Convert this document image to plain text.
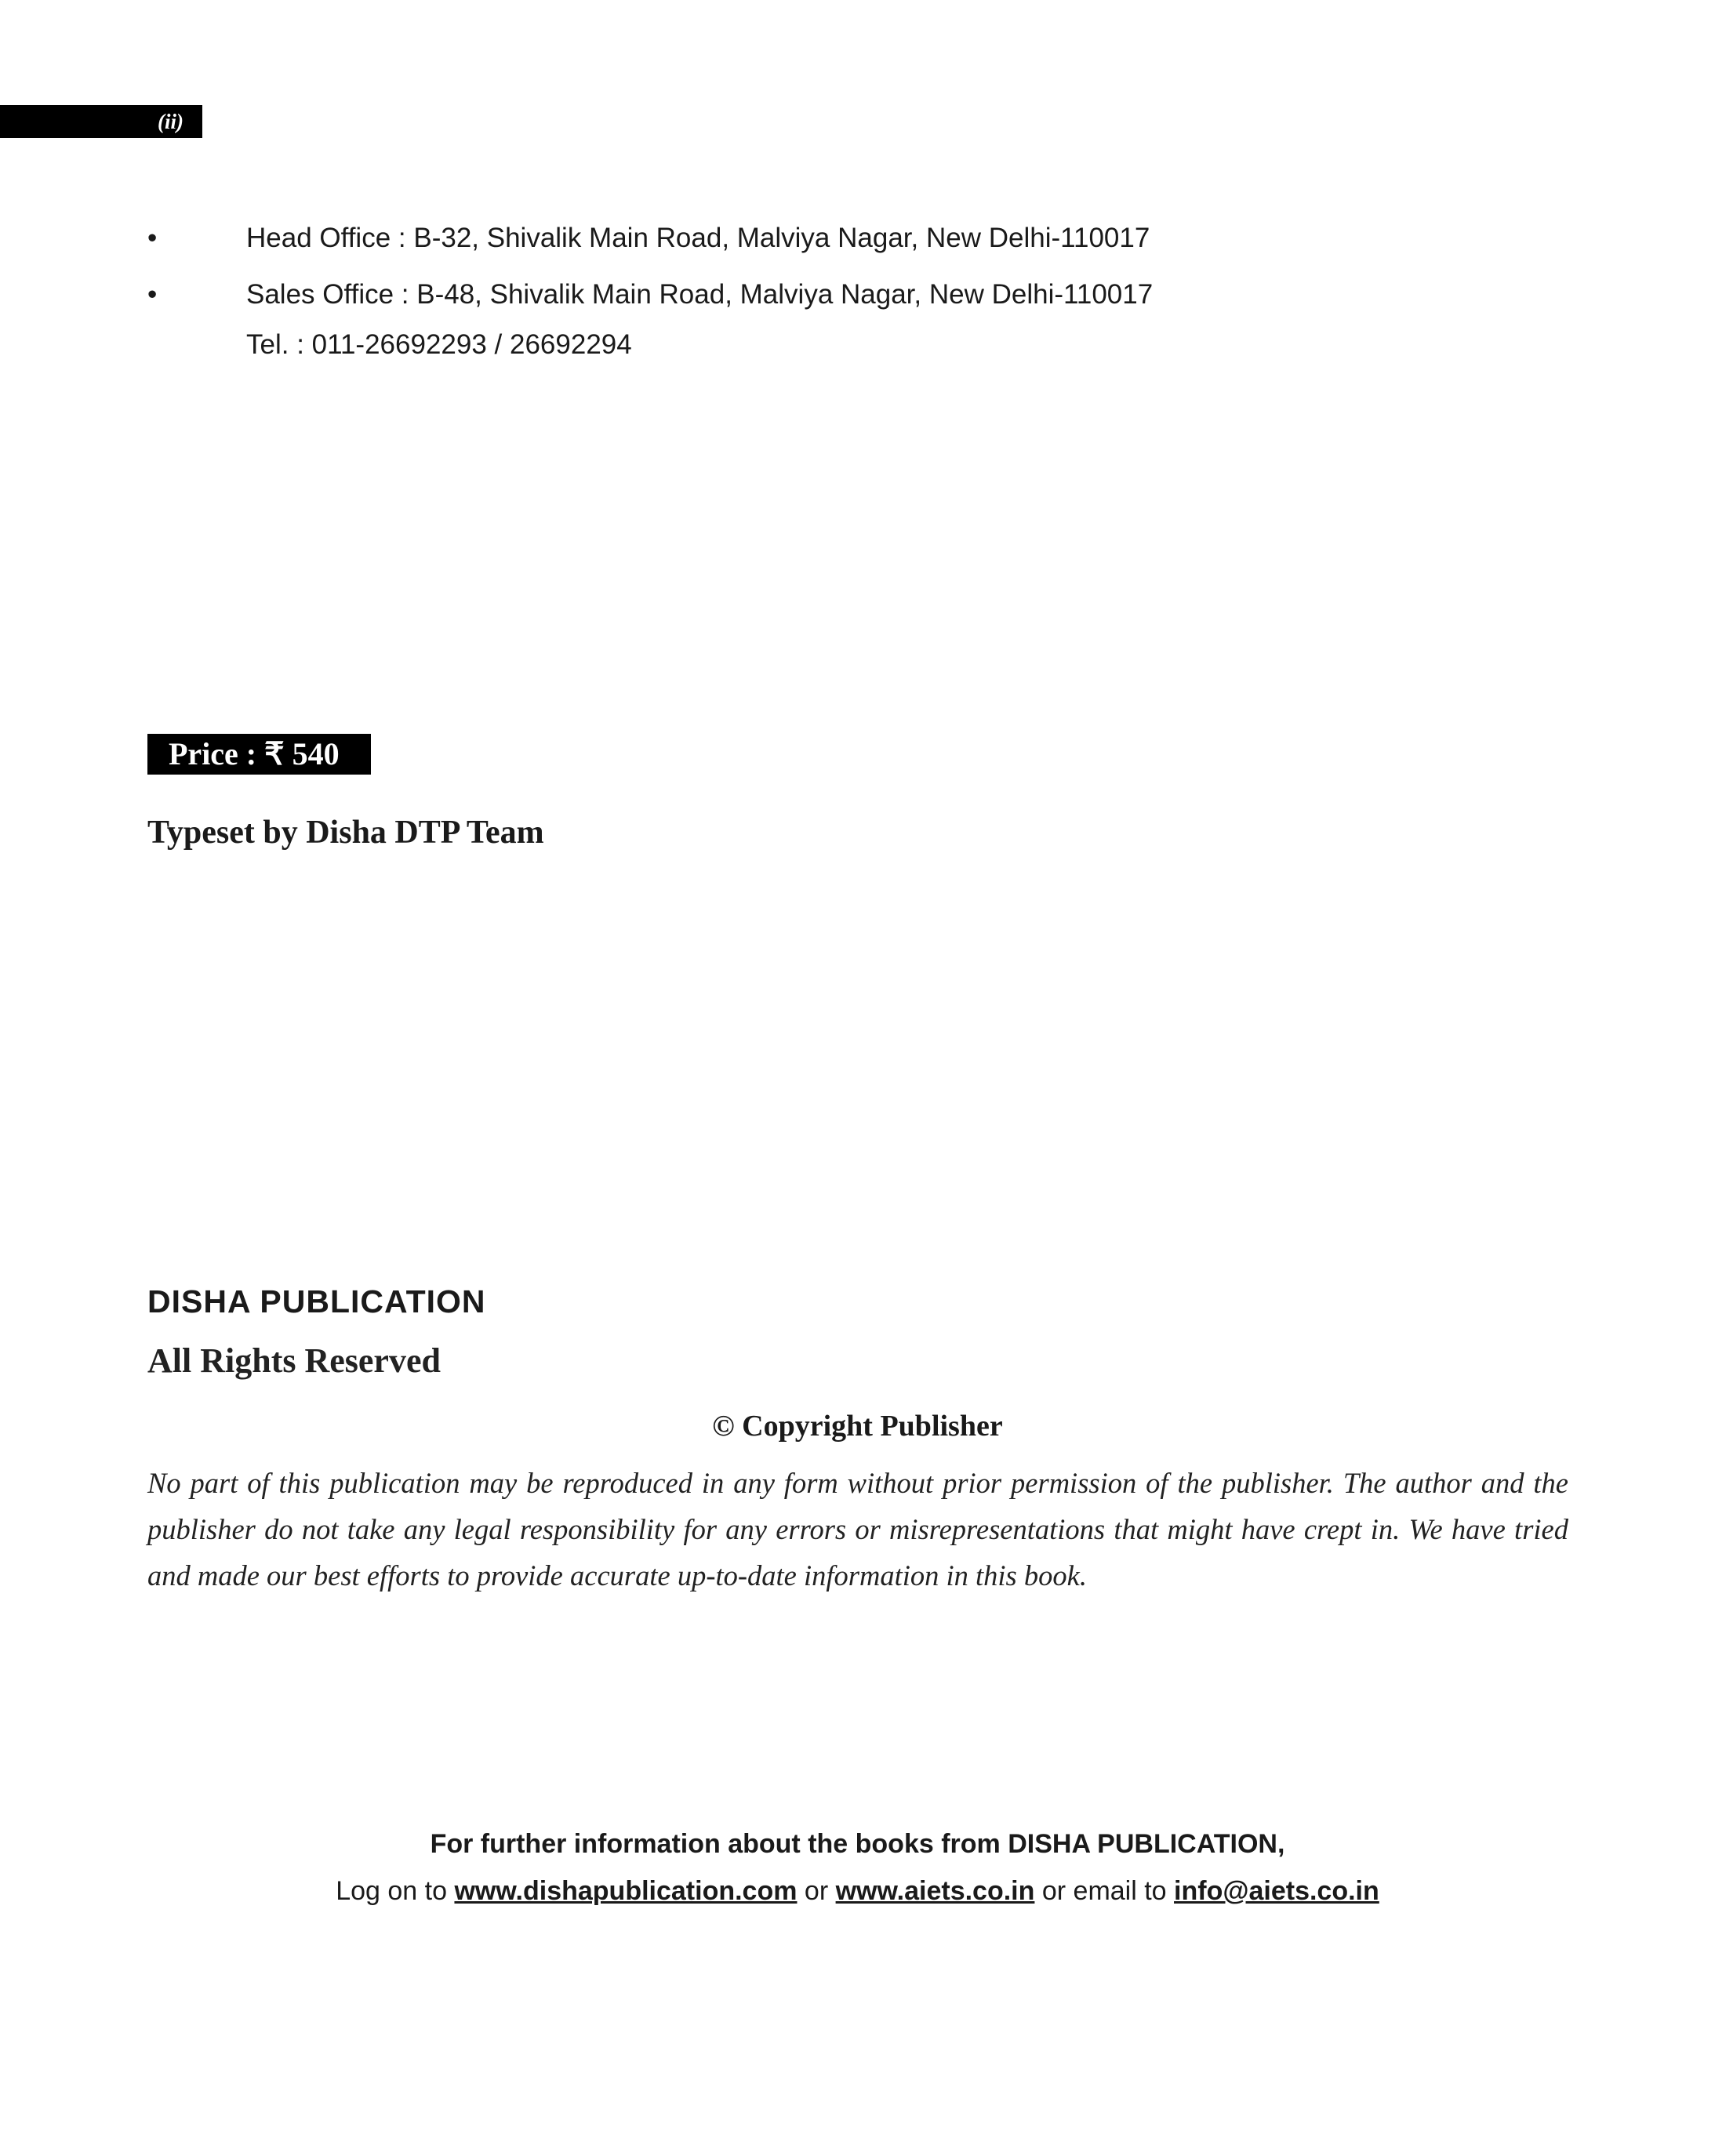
(ii)
•	Head Office : B-32, Shivalik Main Road, Malviya Nagar, New Delhi-110017
•	Sales Office : B-48, Shivalik Main Road, Malviya Nagar, New Delhi-110017
Tel. : 011-26692293 / 26692294
Price : ₹ 540
Typeset by Disha DTP Team
DISHA PUBLICATION
All Rights Reserved
© Copyright Publisher
No part of this publication may be reproduced in any form without prior permission of the publisher. The author and the publisher do not take any legal responsibility for any errors or misrepresentations that might have crept in. We have tried and made our best efforts to provide accurate up-to-date information in this book.
For further information about the books from DISHA PUBLICATION,
Log on to www.dishapublication.com or www.aiets.co.in or email to info@aiets.co.in
